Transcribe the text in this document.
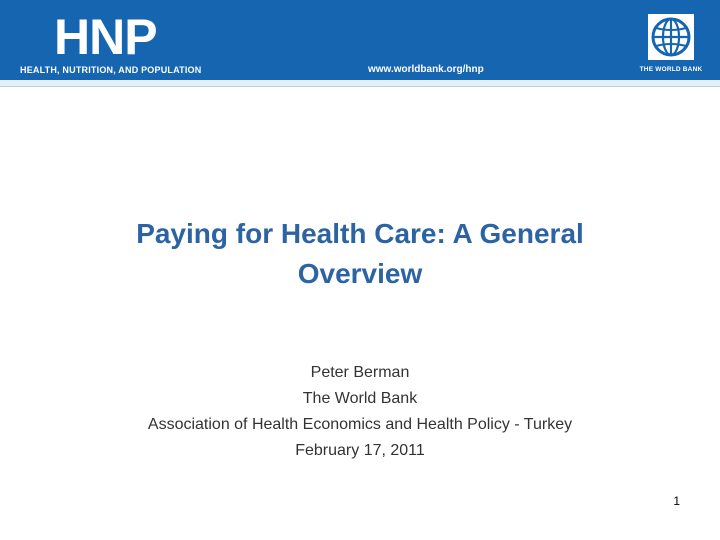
HNP
HEALTH, NUTRITION, AND POPULATION	www.worldbank.org/hnp	THE WORLD BANK
Paying for Health Care: A General
Overview
Peter Berman
The World Bank
Association of Health Economics and Health Policy - Turkey
February 17, 2011
1
